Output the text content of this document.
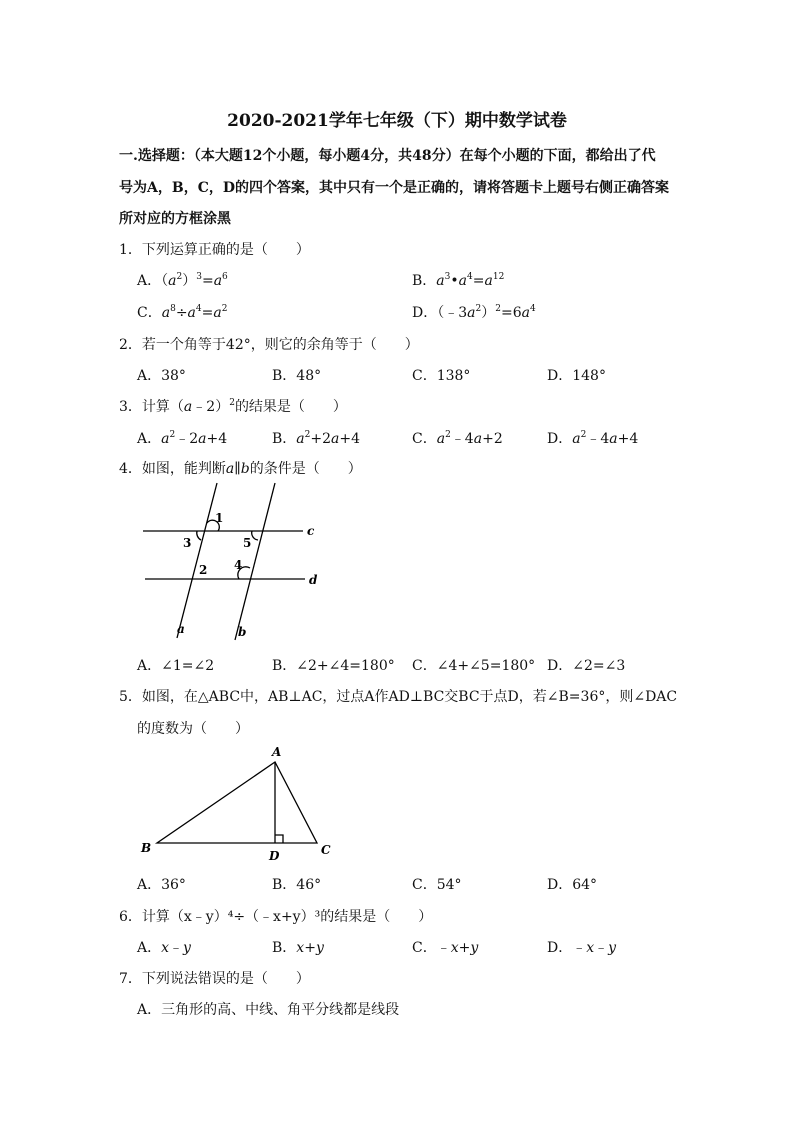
2020-2021学年七年级（下）期中数学试卷
一.选择题：（本大题12个小题，每小题4分，共48分）在每个小题的下面，都给出了代
号为A，B，C，D的四个答案，其中只有一个是正确的，请将答题卡上题号右侧正确答案
所对应的方框涂黑
1．下列运算正确的是（　　）
A．$(a^2)^3=a^6$	B．$a^3•a^4=a^{12}$
C．$a^8\div a^4=a^2$	D．$(﹣3a^2)^2=6a^4$
2．若一个角等于42°，则它的余角等于（　　）
A．38°	B．48°	C．138°	D．148°
3．计算（a﹣2）$^2$的结果是（　　）
A．$a^2﹣2a+4$	B．$a^2+2a+4$	C．$a^2﹣4a+2$	D．$a^2﹣4a+4$
4．如图，能判断a∥b的条件是（　　）
1
3	5
2 4
c
d
a	b
A．∠1=∠2	B．∠2+∠4=180° C．∠4+∠5=180° D．∠2=∠3
5．如图，在△ABC中，AB⊥AC，过点A作AD⊥BC交BC于点D，若∠B=36°，则∠DAC
的度数为（　　）
A
B
D	C
A．36°	B．46°	C．54°	D．64°
6．计算（x﹣y）⁴÷（﹣x+y）³的结果是（　　）
A．x﹣y	B．x+y	C．﹣x+y	D．﹣x﹣y
7．下列说法错误的是（　　）
A．三角形的高、中线、角平分线都是线段
